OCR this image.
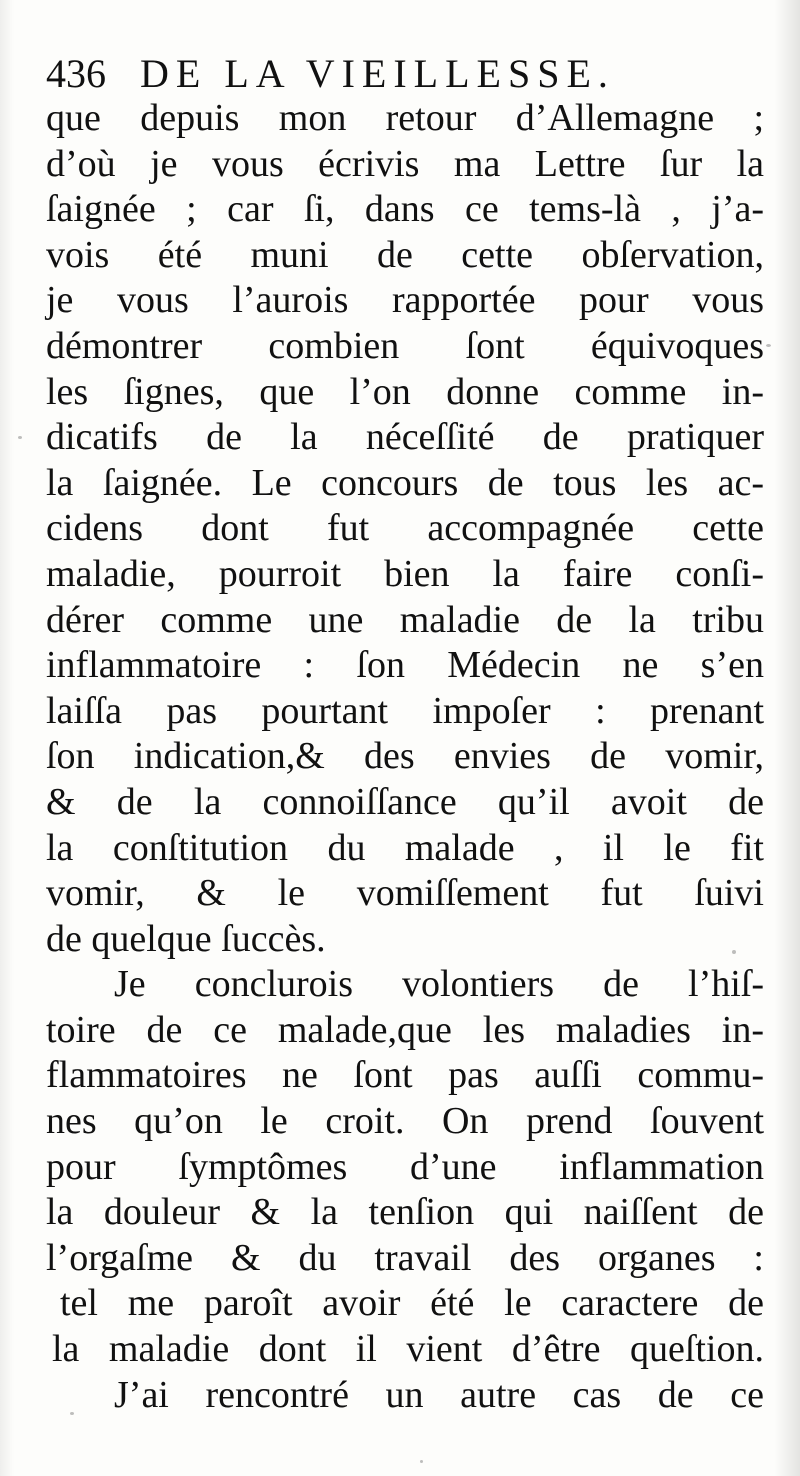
436 DE LA VIEILLESSE.
que depuis mon retour d’Allemagne ;
d’où je vous écrivis ma Lettre ſur la
ſaignée ; car ſi, dans ce tems-là , j’a-
vois été muni de cette obſervation,
je vous l’aurois rapportée pour vous
démontrer combien ſont équivoques
les ſignes, que l’on donne comme in-
dicatifs de la néceſſité de pratiquer
la ſaignée. Le concours de tous les ac-
cidens dont fut accompagnée cette
maladie, pourroit bien la faire conſi-
dérer comme une maladie de la tribu
inflammatoire : ſon Médecin ne s’en
laiſſa pas pourtant impoſer : prenant
ſon indication,& des envies de vomir,
& de la connoiſſance qu’il avoit de
la conſtitution du malade , il le fit
vomir, & le vomiſſement fut ſuivi
de quelque ſuccès.
Je conclurois volontiers de l’hiſ-
toire de ce malade,que les maladies in-
flammatoires ne ſont pas auſſi commu-
nes qu’on le croit. On prend ſouvent
pour ſymptômes d’une inflammation
la douleur & la tenſion qui naiſſent de
l’orgaſme & du travail des organes :
tel me paroît avoir été le caractere de
la maladie dont il vient d’être queſtion.
J’ai rencontré un autre cas de ce
